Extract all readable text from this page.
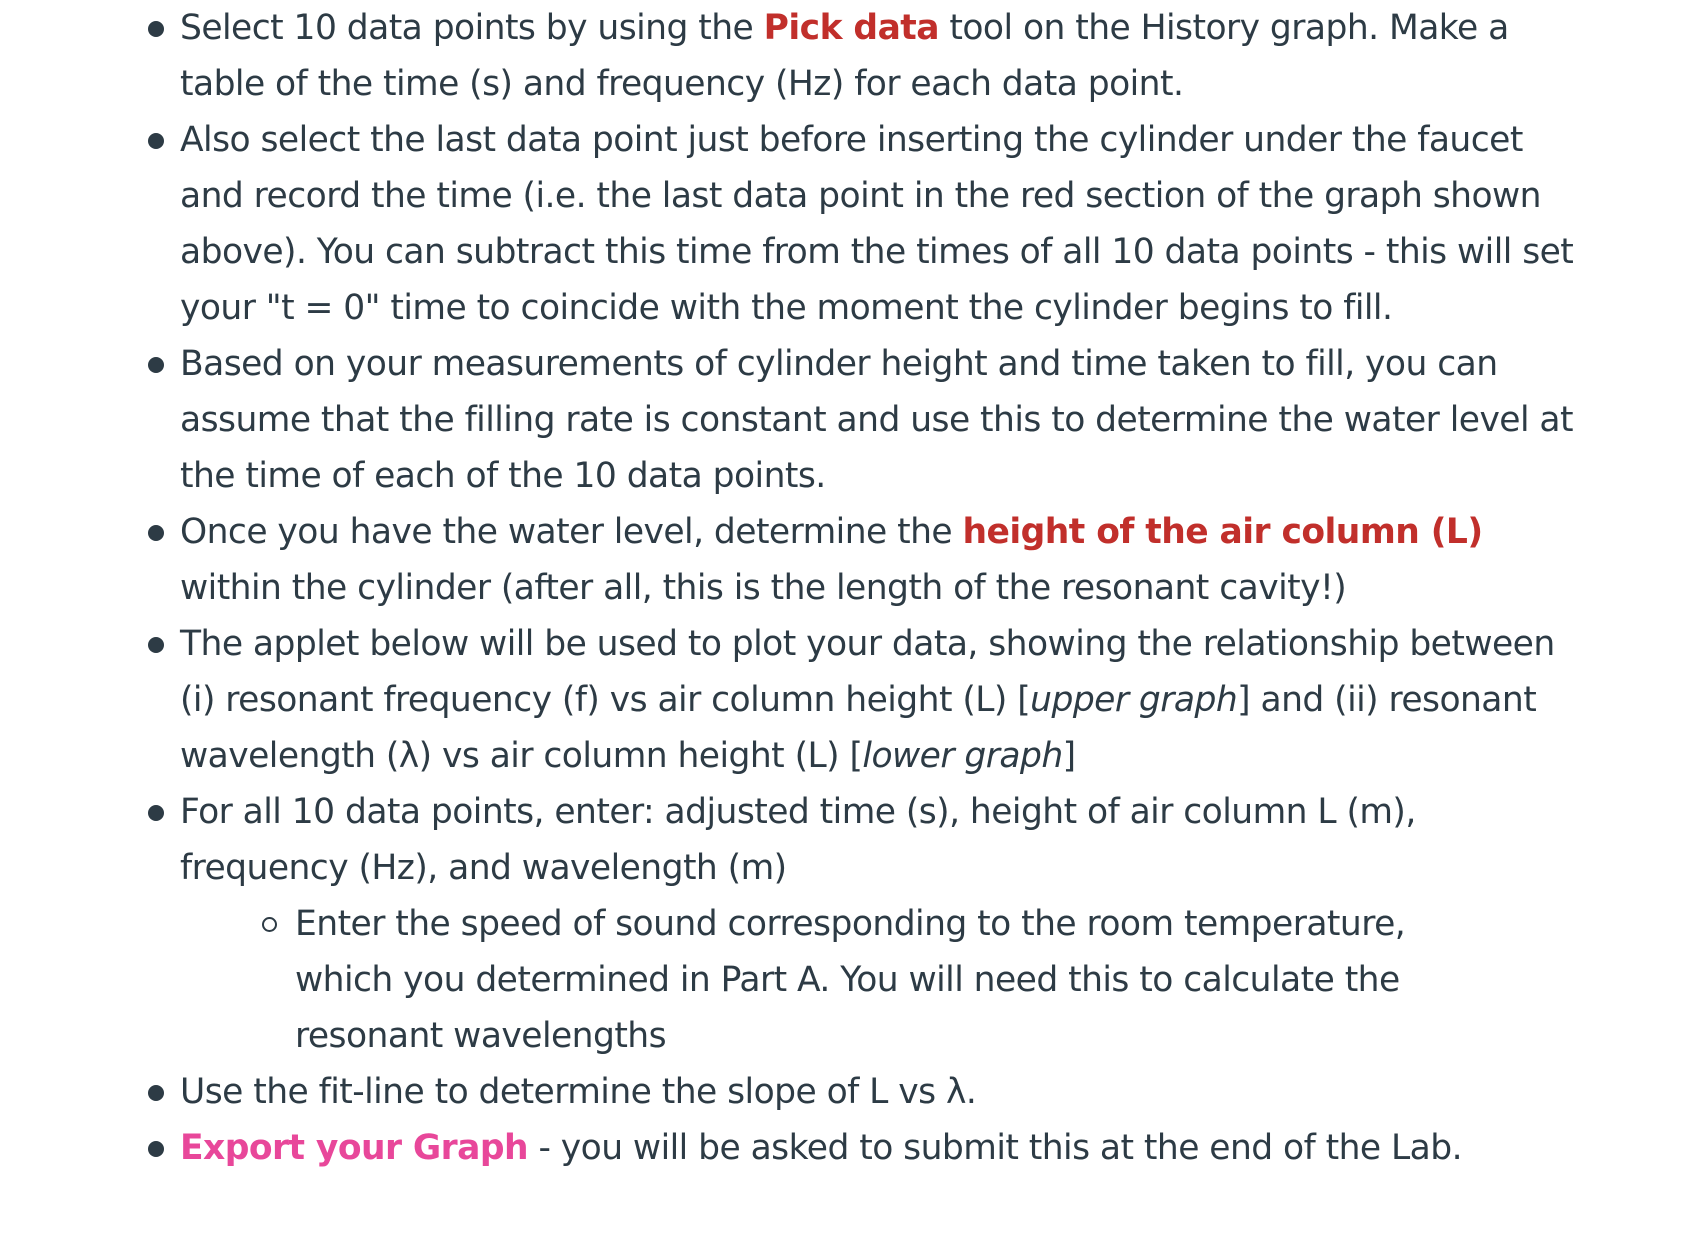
Select 10 data points by using the Pick data tool on the History graph. Make a table of the time (s) and frequency (Hz) for each data point.
Also select the last data point just before inserting the cylinder under the faucet and record the time (i.e. the last data point in the red section of the graph shown above). You can subtract this time from the times of all 10 data points - this will set your "t = 0" time to coincide with the moment the cylinder begins to fill.
Based on your measurements of cylinder height and time taken to fill, you can assume that the filling rate is constant and use this to determine the water level at the time of each of the 10 data points.
Once you have the water level, determine the height of the air column (L) within the cylinder (after all, this is the length of the resonant cavity!)
The applet below will be used to plot your data, showing the relationship between (i) resonant frequency (f) vs air column height (L) [upper graph] and (ii) resonant wavelength (λ) vs air column height (L) [lower graph]
For all 10 data points, enter: adjusted time (s), height of air column L (m), frequency (Hz), and wavelength (m)
Enter the speed of sound corresponding to the room temperature, which you determined in Part A. You will need this to calculate the resonant wavelengths
Use the fit-line to determine the slope of L vs λ.
Export your Graph - you will be asked to submit this at the end of the Lab.
